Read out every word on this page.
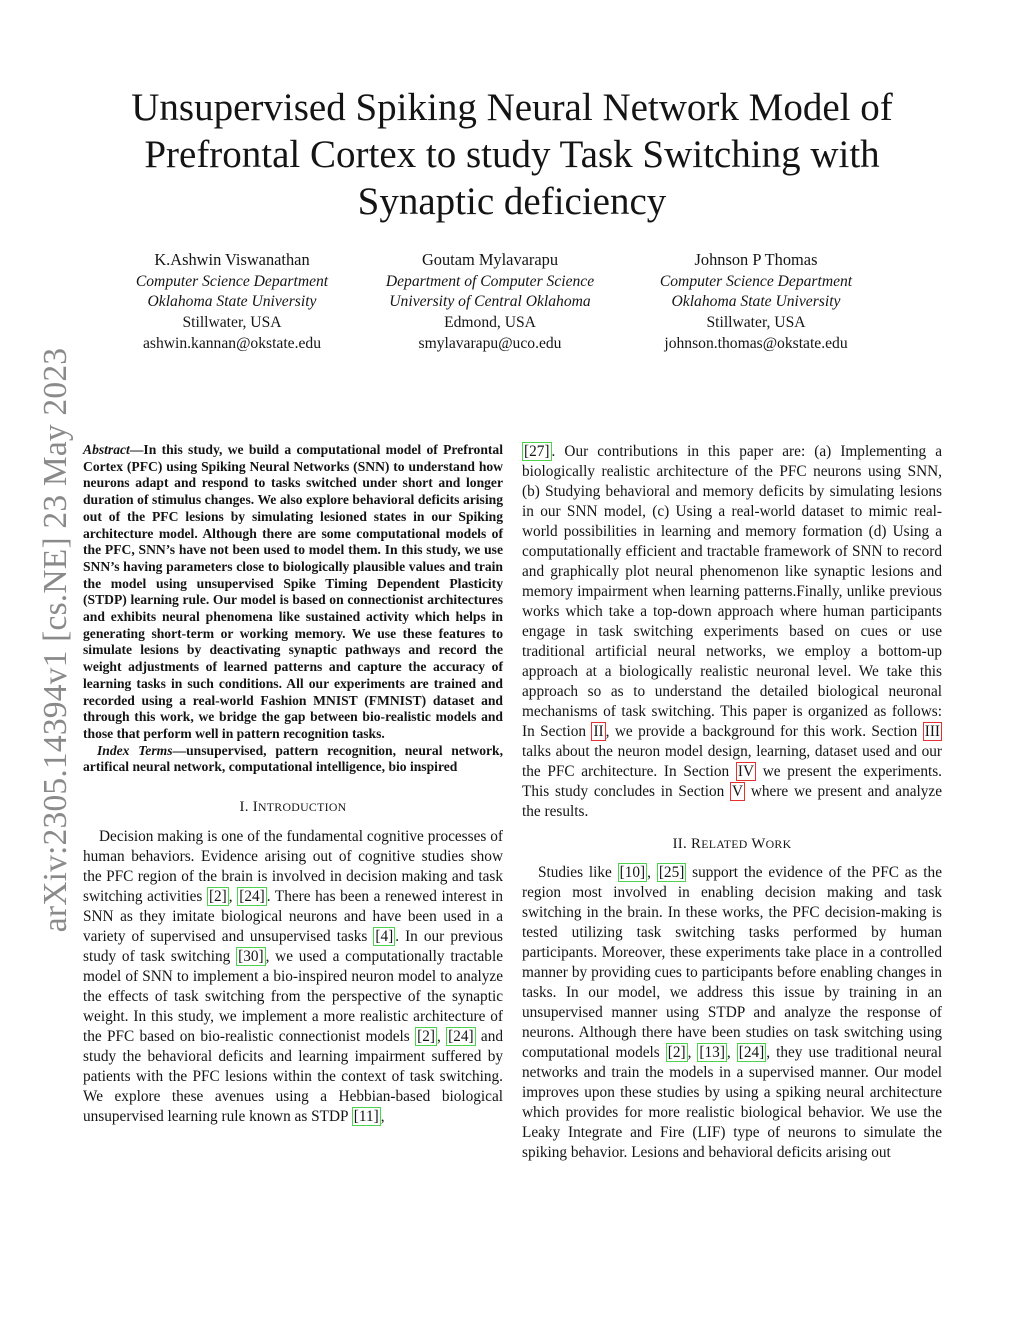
arXiv:2305.14394v1 [cs.NE] 23 May 2023
Unsupervised Spiking Neural Network Model of
Prefrontal Cortex to study Task Switching with
Synaptic deficiency
K.Ashwin Viswanathan
Computer Science Department
Oklahoma State University
Stillwater, USA
ashwin.kannan@okstate.edu
Goutam Mylavarapu
Department of Computer Science
University of Central Oklahoma
Edmond, USA
smylavarapu@uco.edu
Johnson P Thomas
Computer Science Department
Oklahoma State University
Stillwater, USA
johnson.thomas@okstate.edu

Abstract—In this study, we build a computational model of Prefrontal Cortex (PFC) using Spiking Neural Networks (SNN) to understand how neurons adapt and respond to tasks switched under short and longer duration of stimulus changes. We also explore behavioral deficits arising out of the PFC lesions by simulating lesioned states in our Spiking architecture model. Although there are some computational models of the PFC, SNN’s have not been used to model them. In this study, we use SNN’s having parameters close to biologically plausible values and train the model using unsupervised Spike Timing Dependent Plasticity (STDP) learning rule. Our model is based on connectionist architectures and exhibits neural phenomena like sustained activity which helps in generating short-term or working memory. We use these features to simulate lesions by deactivating synaptic pathways and record the weight adjustments of learned patterns and capture the accuracy of learning tasks in such conditions. All our experiments are trained and recorded using a real-world Fashion MNIST (FMNIST) dataset and through this work, we bridge the gap between bio-realistic models and those that perform well in pattern recognition tasks.

Index Terms—unsupervised, pattern recognition, neural network, artifical neural network, computational intelligence, bio inspired

I. INTRODUCTION

Decision making is one of the fundamental cognitive processes of human behaviors. Evidence arising out of cognitive studies show the PFC region of the brain is involved in decision making and task switching activities [2] , [24] . There has been a renewed interest in SNN as they imitate biological neurons and have been used in a variety of supervised and unsupervised tasks [4] . In our previous study of task switching [30] , we used a computationally tractable model of SNN to implement a bio-inspired neuron model to analyze the effects of task switching from the perspective of the synaptic weight. In this study, we implement a more realistic architecture of the PFC based on bio-realistic connectionist models [2] , [24] and study the behavioral deficits and learning impairment suffered by patients with the PFC lesions within the context of task switching. We explore these avenues using a Hebbian-based biological unsupervised learning rule known as STDP [11] ,

[27] . Our contributions in this paper are: (a) Implementing a biologically realistic architecture of the PFC neurons using SNN, (b) Studying behavioral and memory deficits by simulating lesions in our SNN model, (c) Using a real-world dataset to mimic real-world possibilities in learning and memory formation (d) Using a computationally efficient and tractable framework of SNN to record and graphically plot neural phenomenon like synaptic lesions and memory impairment when learning patterns.Finally, unlike previous works which take a top-down approach where human participants engage in task switching experiments based on cues or use traditional artificial neural networks, we employ a bottom-up approach at a biologically realistic neuronal level. We take this approach so as to understand the detailed biological neuronal mechanisms of task switching. This paper is organized as follows: In Section II , we provide a background for this work. Section III talks about the neuron model design, learning, dataset used and our the PFC architecture. In Section IV we present the experiments. This study concludes in Section V where we present and analyze the results.

II. RELATED WORK

Studies like [10] , [25] support the evidence of the PFC as the region most involved in enabling decision making and task switching in the brain. In these works, the PFC decision-making is tested utilizing task switching tasks performed by human participants. Moreover, these experiments take place in a controlled manner by providing cues to participants before enabling changes in tasks. In our model, we address this issue by training in an unsupervised manner using STDP and analyze the response of neurons. Although there have been studies on task switching using computational models [2] , [13] , [24] , they use traditional neural networks and train the models in a supervised manner. Our model improves upon these studies by using a spiking neural architecture which provides for more realistic biological behavior. We use the Leaky Integrate and Fire (LIF) type of neurons to simulate the spiking behavior. Lesions and behavioral deficits arising out
